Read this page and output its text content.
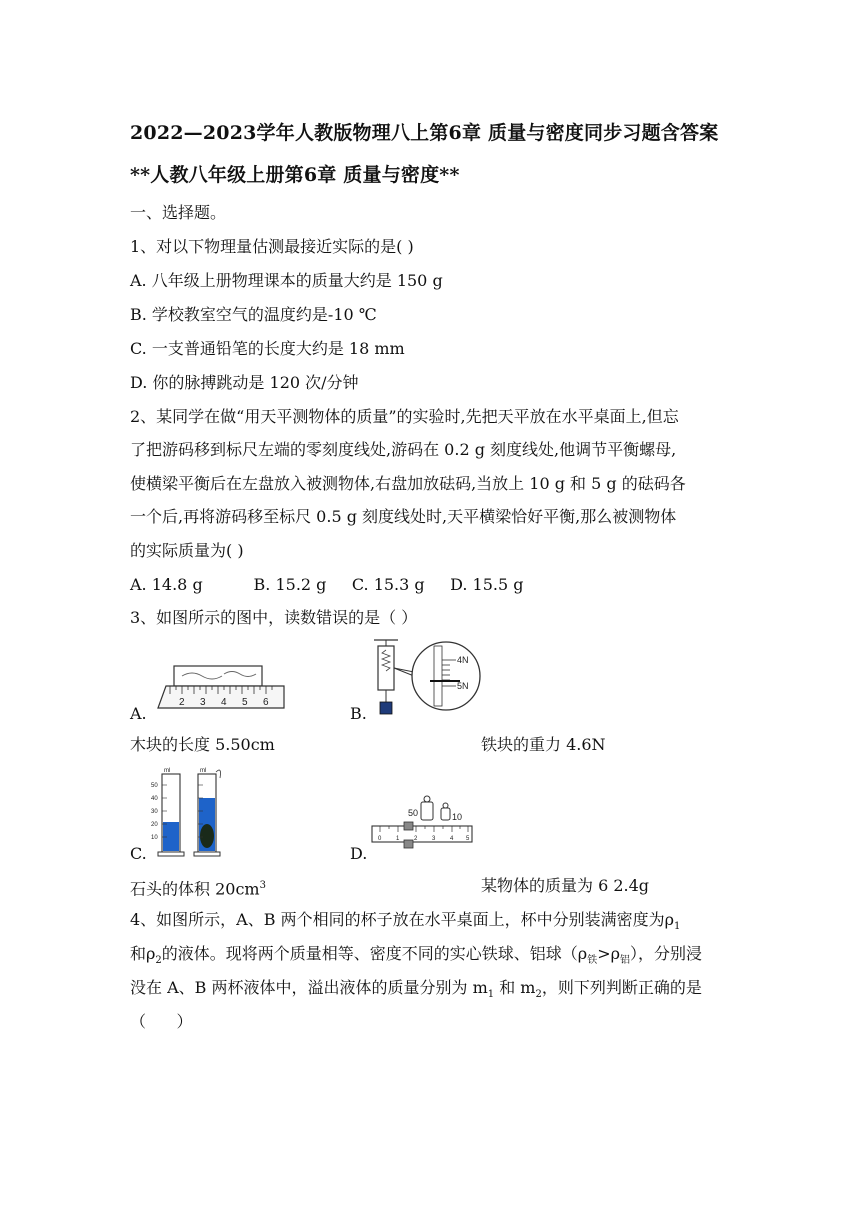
2022—2023学年人教版物理八上第6章 质量与密度同步习题含答案
**人教八年级上册第6章 质量与密度**
一、选择题。
1、对以下物理量估测最接近实际的是( )
A. 八年级上册物理课本的质量大约是 150 g
B. 学校教室空气的温度约是-10 ℃
C. 一支普通铅笔的长度大约是 18 mm
D. 你的脉搏跳动是 120 次/分钟
2、某同学在做“用天平测物体的质量”的实验时,先把天平放在水平桌面上,但忘
了把游码移到标尺左端的零刻度线处,游码在 0.2 g 刻度线处,他调节平衡螺母,
使横梁平衡后在左盘放入被测物体,右盘加放砝码,当放上 10 g 和 5 g 的砝码各
一个后,再将游码移至标尺 0.5 g 刻度线处时,天平横梁恰好平衡,那么被测物体
的实际质量为( )
A. 14.8 g          B. 15.2 g     C. 15.3 g     D. 15.5 g
3、如图所示的图中，读数错误的是（ ）
A.
2 3 4 5 6
木块的长度 5.50cm
B.
4N
5N
铁块的重力 4.6N
C.
ml
50
40
30
20
10
ml
石头的体积 $20cm^3$
D.
50	10
0 1 2 3 4 5
某物体的质量为 6 2.4g
4、如图所示，A、B 两个相同的杯子放在水平桌面上，杯中分别装满密度为$\rho_1$
和$\rho_2$的液体。现将两个质量相等、密度不同的实心铁球、铝球$(\rho_铁>\rho_铝)$，分别浸
没在 A、B 两杯液体中，溢出液体的质量分别为 $m_1$ 和 $m_2$，则下列判断正确的是
（      ）
